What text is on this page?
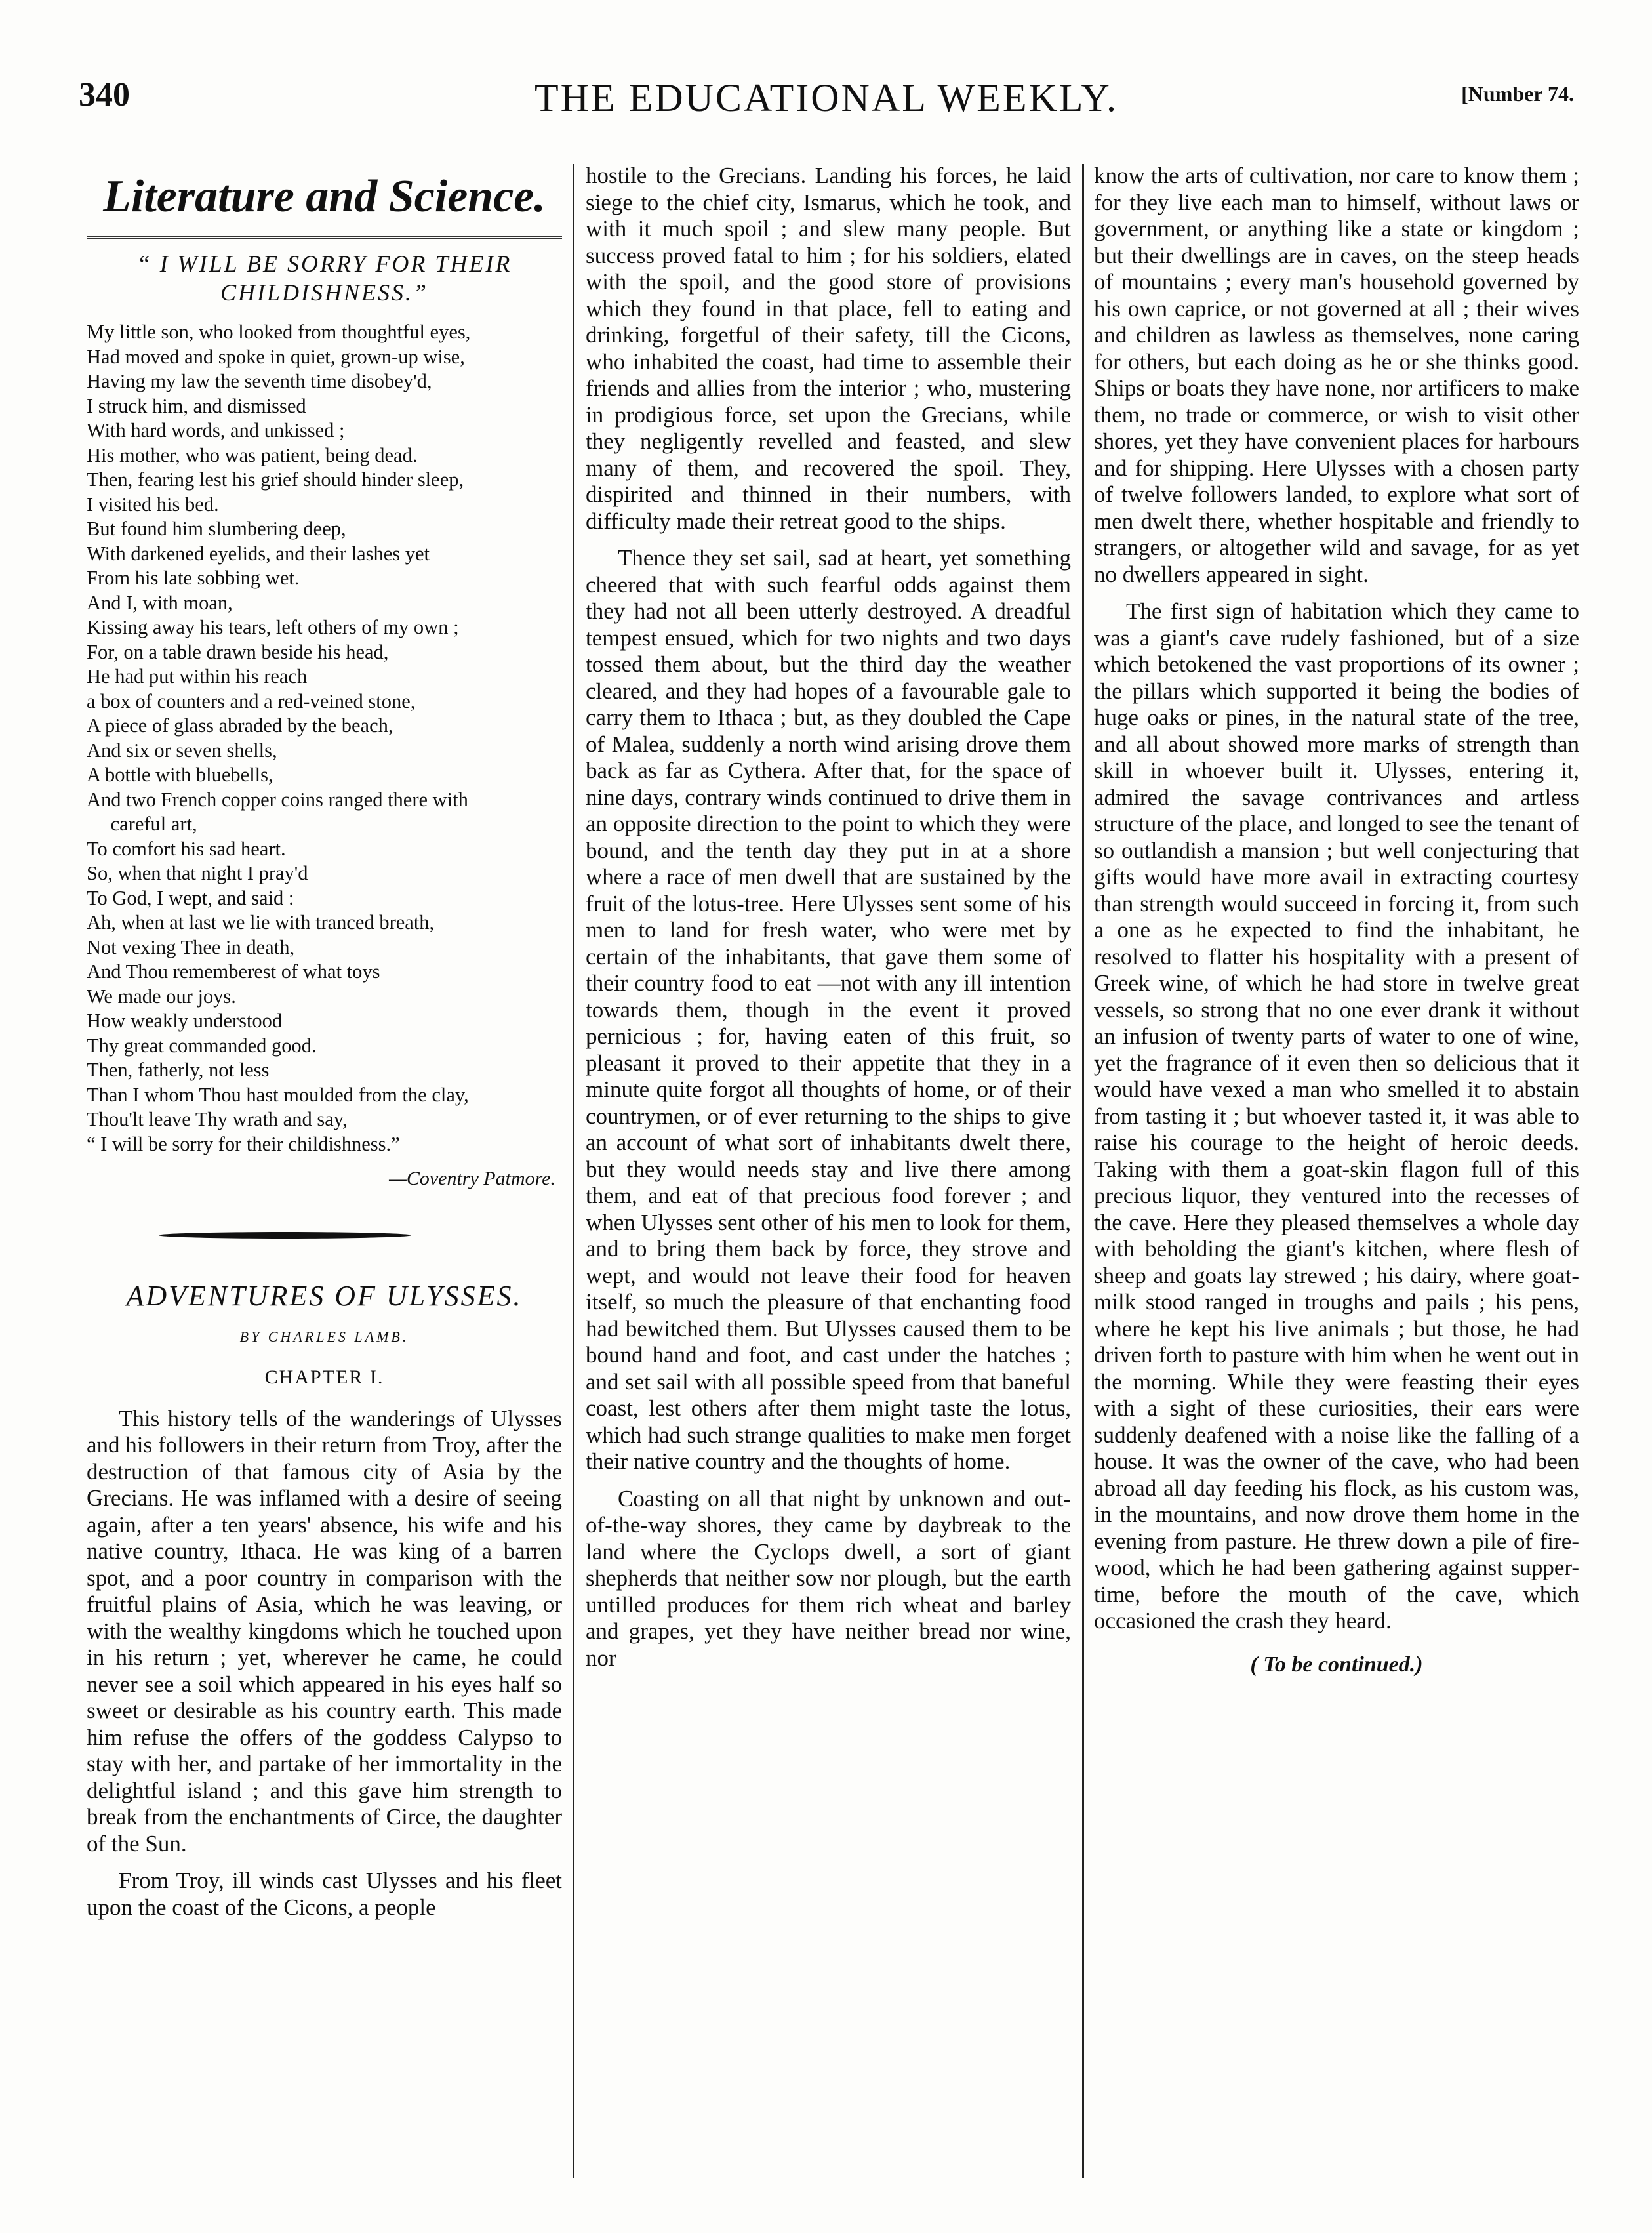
340	THE EDUCATIONAL WEEKLY.	[Number 74.
Literature and Science.
“ I WILL BE SORRY FOR THEIR CHILDISHNESS.”
My little son, who looked from thoughtful eyes,
Had moved and spoke in quiet, grown-up wise,
Having my law the seventh time disobey'd,
I struck him, and dismissed
With hard words, and unkissed ;
His mother, who was patient, being dead.
Then, fearing lest his grief should hinder sleep,
I visited his bed.
But found him slumbering deep,
With darkened eyelids, and their lashes yet
From his late sobbing wet.
And I, with moan,
Kissing away his tears, left others of my own ;
For, on a table drawn beside his head,
He had put within his reach
a box of counters and a red-veined stone,
A piece of glass abraded by the beach,
And six or seven shells,
A bottle with bluebells,
And two French copper coins ranged there with
careful art,
To comfort his sad heart.
So, when that night I pray'd
To God, I wept, and said :
Ah, when at last we lie with tranced breath,
Not vexing Thee in death,
And Thou rememberest of what toys
We made our joys.
How weakly understood
Thy great commanded good.
Then, fatherly, not less
Than I whom Thou hast moulded from the clay,
Thou'lt leave Thy wrath and say,
“ I will be sorry for their childishness.”
—Coventry Patmore.
ADVENTURES OF ULYSSES.
BY CHARLES LAMB.
CHAPTER I.

This history tells of the wanderings of Ulysses and his followers in their return from Troy, after the destruction of that famous city of Asia by the Grecians. He was inflamed with a desire of seeing again, after a ten years' absence, his wife and his native country, Ithaca. He was king of a barren spot, and a poor country in comparison with the fruitful plains of Asia, which he was leaving, or with the wealthy kingdoms which he touched upon in his return ; yet, wherever he came, he could never see a soil which appeared in his eyes half so sweet or desirable as his country earth. This made him refuse the offers of the goddess Calypso to stay with her, and partake of her immortality in the delightful island ; and this gave him strength to break from the enchantments of Circe, the daughter of the Sun.

From Troy, ill winds cast Ulysses and his fleet upon the coast of the Cicons, a people

hostile to the Grecians. Landing his forces, he laid siege to the chief city, Ismarus, which he took, and with it much spoil ; and slew many people. But success proved fatal to him ; for his soldiers, elated with the spoil, and the good store of provisions which they found in that place, fell to eating and drinking, forgetful of their safety, till the Cicons, who inhabited the coast, had time to assemble their friends and allies from the interior ; who, mustering in prodigious force, set upon the Grecians, while they negligently revelled and feasted, and slew many of them, and recovered the spoil. They, dispirited and thinned in their numbers, with difficulty made their retreat good to the ships.

Thence they set sail, sad at heart, yet something cheered that with such fearful odds against them they had not all been utterly destroyed. A dreadful tempest ensued, which for two nights and two days tossed them about, but the third day the weather cleared, and they had hopes of a favourable gale to carry them to Ithaca ; but, as they doubled the Cape of Malea, suddenly a north wind arising drove them back as far as Cythera. After that, for the space of nine days, contrary winds continued to drive them in an opposite direction to the point to which they were bound, and the tenth day they put in at a shore where a race of men dwell that are sustained by the fruit of the lotus-tree. Here Ulysses sent some of his men to land for fresh water, who were met by certain of the inhabitants, that gave them some of their country food to eat —not with any ill intention towards them, though in the event it proved pernicious ; for, having eaten of this fruit, so pleasant it proved to their appetite that they in a minute quite forgot all thoughts of home, or of their countrymen, or of ever returning to the ships to give an account of what sort of inhabitants dwelt there, but they would needs stay and live there among them, and eat of that precious food forever ; and when Ulysses sent other of his men to look for them, and to bring them back by force, they strove and wept, and would not leave their food for heaven itself, so much the pleasure of that enchanting food had bewitched them. But Ulysses caused them to be bound hand and foot, and cast under the hatches ; and set sail with all possible speed from that baneful coast, lest others after them might taste the lotus, which had such strange qualities to make men forget their native country and the thoughts of home.

Coasting on all that night by unknown and out-of-the-way shores, they came by daybreak to the land where the Cyclops dwell, a sort of giant shepherds that neither sow nor plough, but the earth untilled produces for them rich wheat and barley and grapes, yet they have neither bread nor wine, nor

know the arts of cultivation, nor care to know them ; for they live each man to himself, without laws or government, or anything like a state or kingdom ; but their dwellings are in caves, on the steep heads of mountains ; every man's household governed by his own caprice, or not governed at all ; their wives and children as lawless as themselves, none caring for others, but each doing as he or she thinks good. Ships or boats they have none, nor artificers to make them, no trade or commerce, or wish to visit other shores, yet they have convenient places for harbours and for shipping. Here Ulysses with a chosen party of twelve followers landed, to explore what sort of men dwelt there, whether hospitable and friendly to strangers, or altogether wild and savage, for as yet no dwellers appeared in sight.

The first sign of habitation which they came to was a giant's cave rudely fashioned, but of a size which betokened the vast proportions of its owner ; the pillars which supported it being the bodies of huge oaks or pines, in the natural state of the tree, and all about showed more marks of strength than skill in whoever built it. Ulysses, entering it, admired the savage contrivances and artless structure of the place, and longed to see the tenant of so outlandish a mansion ; but well conjecturing that gifts would have more avail in extracting courtesy than strength would succeed in forcing it, from such a one as he expected to find the inhabitant, he resolved to flatter his hospitality with a present of Greek wine, of which he had store in twelve great vessels, so strong that no one ever drank it without an infusion of twenty parts of water to one of wine, yet the fragrance of it even then so delicious that it would have vexed a man who smelled it to abstain from tasting it ; but whoever tasted it, it was able to raise his courage to the height of heroic deeds. Taking with them a goat-skin flagon full of this precious liquor, they ventured into the recesses of the cave. Here they pleased themselves a whole day with beholding the giant's kitchen, where flesh of sheep and goats lay strewed ; his dairy, where goat-milk stood ranged in troughs and pails ; his pens, where he kept his live animals ; but those, he had driven forth to pasture with him when he went out in the morning. While they were feasting their eyes with a sight of these curiosities, their ears were suddenly deafened with a noise like the falling of a house. It was the owner of the cave, who had been abroad all day feeding his flock, as his custom was, in the mountains, and now drove them home in the evening from pasture. He threw down a pile of fire-wood, which he had been gathering against supper-time, before the mouth of the cave, which occasioned the crash they heard.

( To be continued.)
